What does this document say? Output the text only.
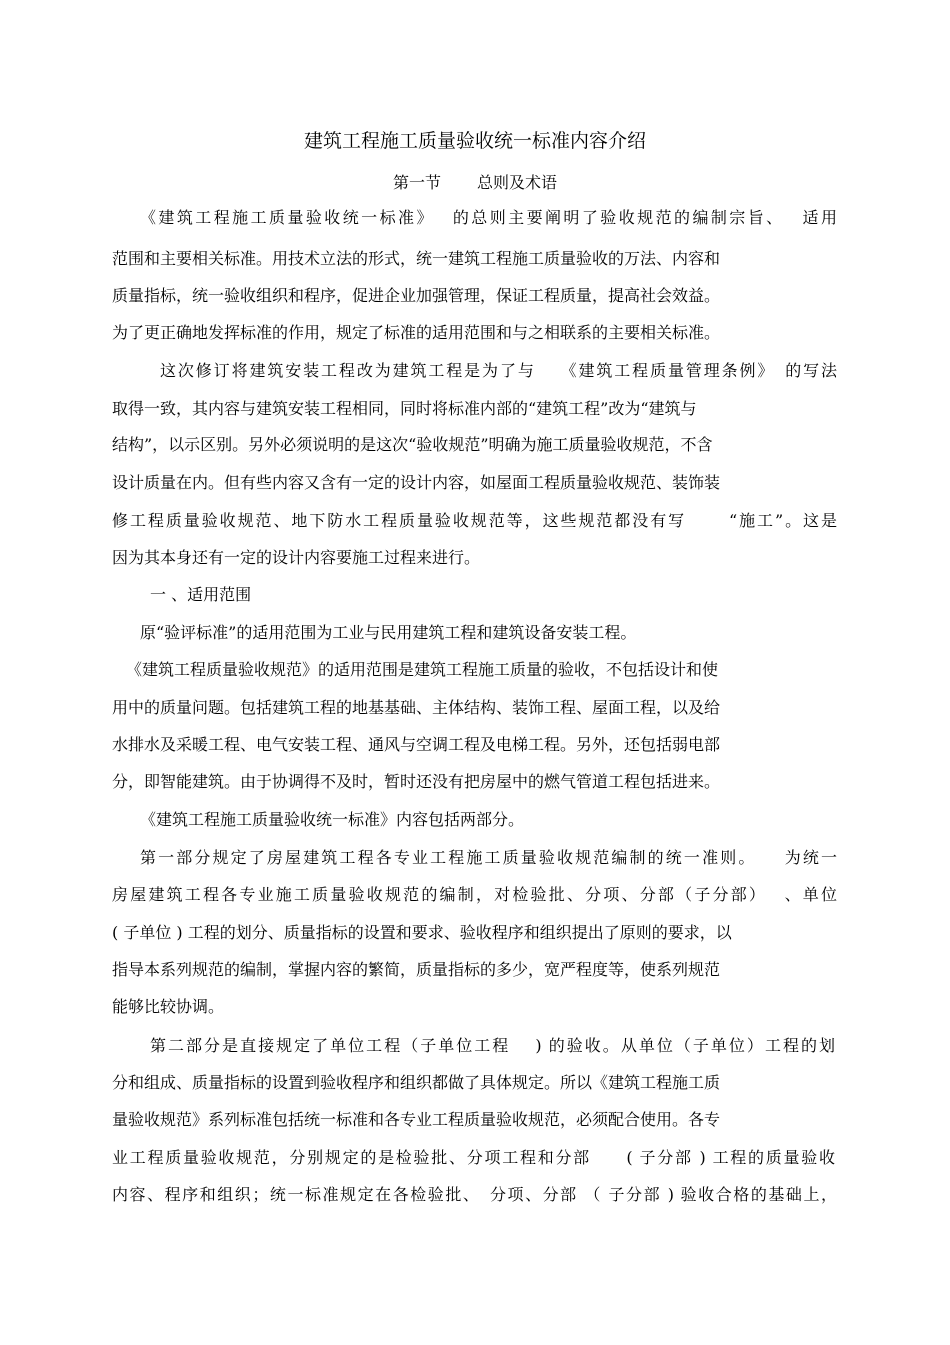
建筑工程施工质量验收统一标准内容介绍
第一节 总则及术语
《建筑工程施工质量验收统一标准》　 的总则主要阐明了验收规范的编制宗旨、　 适用
范围和主要相关标准。用技术立法的形式，统一建筑工程施工质量验收的万法、内容和
质量指标，统一验收组织和程序，促进企业加强管理，保证工程质量，提高社会效益。
为了更正确地发挥标准的作用，规定了标准的适用范围和与之相联系的主要相关标准。
这次修订将建筑安装工程改为建筑工程是为了与　 《建筑工程质量管理条例》　的写法
取得一致，其内容与建筑安装工程相同，同时将标准内部的“建筑工程”改为“建筑与
结构”，以示区别。另外必须说明的是这次“验收规范”明确为施工质量验收规范，不含
设计质量在内。但有些内容又含有一定的设计内容，如屋面工程质量验收规范、装饰装
修工程质量验收规范、地下防水工程质量验收规范等，这些规范都没有写　　 “施工”。这是
因为其本身还有一定的设计内容要施工过程来进行。
一 、适用范围
原“验评标准”的适用范围为工业与民用建筑工程和建筑设备安装工程。
《建筑工程质量验收规范》的适用范围是建筑工程施工质量的验收，不包括设计和使
用中的质量问题。包括建筑工程的地基基础、主体结构、装饰工程、屋面工程，以及给
水排水及采暖工程、电气安装工程、通风与空调工程及电梯工程。另外，还包括弱电部
分，即智能建筑。由于协调得不及时，暂时还没有把房屋中的燃气管道工程包括进来。
《建筑工程施工质量验收统一标准》内容包括两部分。
第一部分规定了房屋建筑工程各专业工程施工质量验收规范编制的统一准则。　　为统一
房屋建筑工程各专业施工质量验收规范的编制，对检验批、分项、分部（子分部）　 、单位
( 子单位 ) 工程的划分、质量指标的设置和要求、验收程序和组织提出了原则的要求，以
指导本系列规范的编制，掌握内容的繁简，质量指标的多少，宽严程度等，使系列规范
能够比较协调。
第二部分是直接规定了单位工程（子单位工程　 ) 的验收。从单位（子单位）工程的划
分和组成、质量指标的设置到验收程序和组织都做了具体规定。所以《建筑工程施工质
量验收规范》系列标准包括统一标准和各专业工程质量验收规范，必须配合使用。各专
业工程质量验收规范，分别规定的是检验批、分项工程和分部　　( 子分部 ) 工程的质量验收
内容、程序和组织；统一标准规定在各检验批、　分项、分部 （ 子分部 ) 验收合格的基础上，
